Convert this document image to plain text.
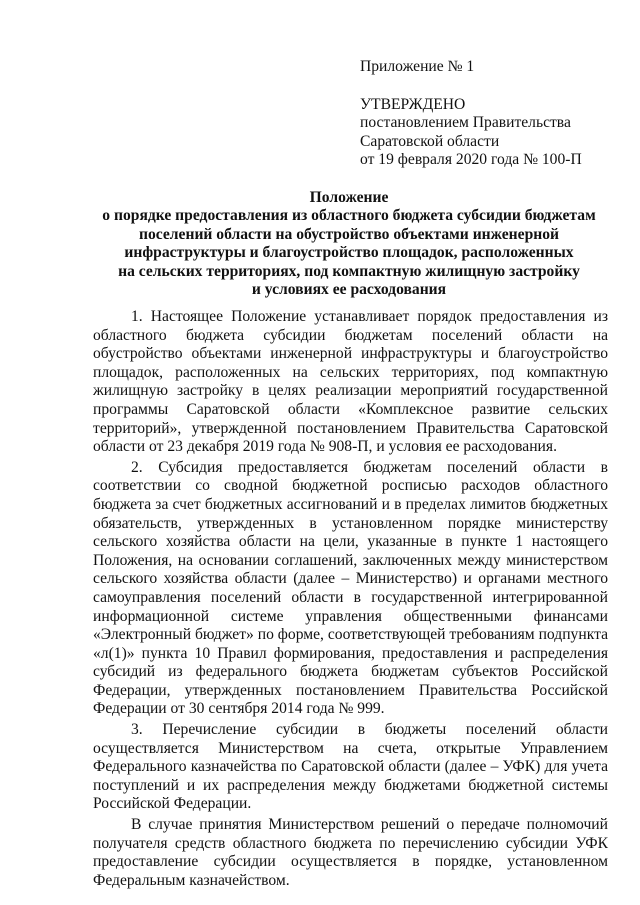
Приложение № 1
УТВЕРЖДЕНО
постановлением Правительства
Саратовской области
от 19 февраля 2020 года № 100-П
Положение
о порядке предоставления из областного бюджета субсидии бюджетам
поселений области на обустройство объектами инженерной
инфраструктуры и благоустройство площадок, расположенных
на сельских территориях, под компактную жилищную застройку
и условиях ее расходования

1. Настоящее Положение устанавливает порядок предоставления из областного бюджета субсидии бюджетам поселений области на обустройство объектами инженерной инфраструктуры и благоустройство площадок, расположенных на сельских территориях, под компактную жилищную застройку в целях реализации мероприятий государственной программы Саратовской области «Комплексное развитие сельских территорий», утвержденной постановлением Правительства Саратовской области от 23 декабря 2019 года № 908-П, и условия ее расходования.

2. Субсидия предоставляется бюджетам поселений области в соответствии со сводной бюджетной росписью расходов областного бюджета за счет бюджетных ассигнований и в пределах лимитов бюджетных обязательств, утвержденных в установленном порядке министерству сельского хозяйства области на цели, указанные в пункте 1 настоящего Положения, на основании соглашений, заключенных между министерством сельского хозяйства области (далее – Министерство) и органами местного самоуправления поселений области в государственной интегрированной информационной системе управления общественными финансами «Электронный бюджет» по форме, соответствующей требованиям подпункта «л(1)» пункта 10 Правил формирования, предоставления и распределения субсидий из федерального бюджета бюджетам субъектов Российской Федерации, утвержденных постановлением Правительства Российской Федерации от 30 сентября 2014 года № 999.

3. Перечисление субсидии в бюджеты поселений области осуществляется Министерством на счета, открытые Управлением Федерального казначейства по Саратовской области (далее – УФК) для учета поступлений и их распределения между бюджетами бюджетной системы Российской Федерации.

В случае принятия Министерством решений о передаче полномочий получателя средств областного бюджета по перечислению субсидии УФК предоставление субсидии осуществляется в порядке, установленном Федеральным казначейством.
